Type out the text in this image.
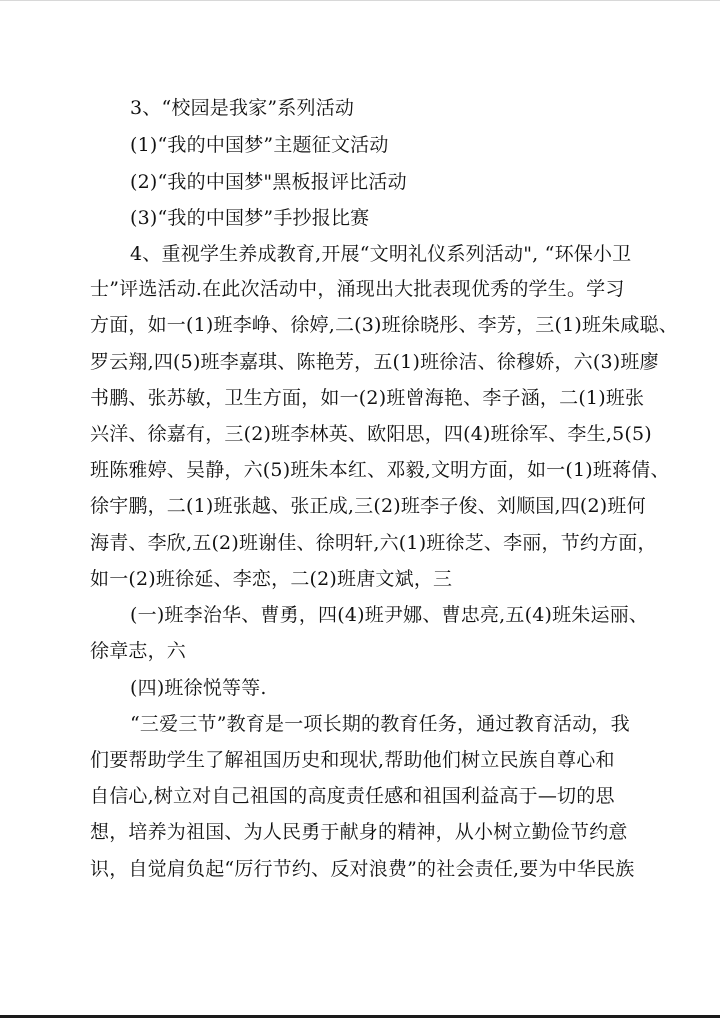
3、“校园是我家”系列活动
(1)“我的中国梦”主题征文活动
(2)“我的中国梦"黑板报评比活动
(3)“我的中国梦”手抄报比赛
4、重视学生养成教育,开展“文明礼仪系列活动", “环保小卫
士”评选活动.在此次活动中，涌现出大批表现优秀的学生。学习
方面，如一(1)班李峥、徐婷,二(3)班徐晓彤、李芳，三(1)班朱咸聪、
罗云翔,四(5)班李嘉琪、陈艳芳，五(1)班徐洁、徐穆娇，六(3)班廖
书鹏、张苏敏，卫生方面，如一(2)班曾海艳、李子涵，二(1)班张
兴洋、徐嘉有，三(2)班李林英、欧阳思，四(4)班徐军、李生,5(5)
班陈雅婷、吴静，六(5)班朱本红、邓毅,文明方面，如一(1)班蒋倩、
徐宇鹏，二(1)班张越、张正成,三(2)班李子俊、刘顺国,四(2)班何
海青、李欣,五(2)班谢佳、徐明轩,六(1)班徐芝、李丽，节约方面，
如一(2)班徐延、李恋，二(2)班唐文斌，三
(一)班李治华、曹勇，四(4)班尹娜、曹忠亮,五(4)班朱运丽、
徐章志，六
(四)班徐悦等等.
“三爱三节”教育是一项长期的教育任务，通过教育活动，我
们要帮助学生了解祖国历史和现状,帮助他们树立民族自尊心和
自信心,树立对自己祖国的高度责任感和祖国利益高于—切的思
想，培养为祖国、为人民勇于献身的精神，从小树立勤俭节约意
识，自觉肩负起“厉行节约、反对浪费”的社会责任,要为中华民族
